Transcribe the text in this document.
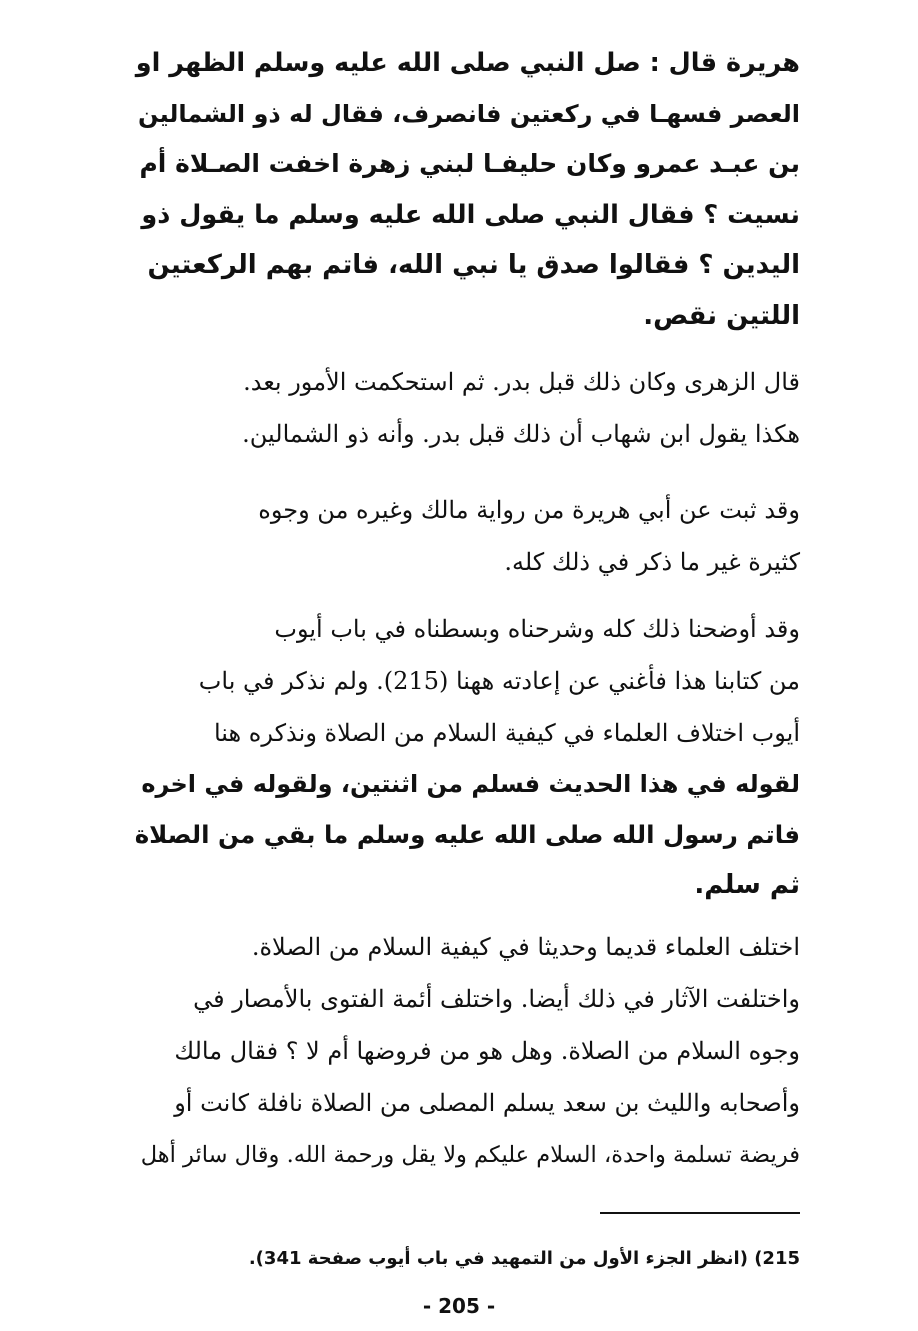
هريرة قال : صل النبي صلى الله عليه وسلم الظهر او
العصر فسهـا في ركعتين فانصرف، فقال له ذو الشمالين
بن عبـد عمرو وكان حليفـا لبني زهرة اخفت الصـلاة أم
نسيت ؟ فقال النبي صلى الله عليه وسلم ما يقول ذو
اليدين ؟ فقالوا صدق يا نبي الله، فاتم بهم الركعتين
اللتين نقص.
قال الزهرى وكان ذلك قبل بدر. ثم استحكمت الأمور بعد.
هكذا يقول ابن شهاب أن ذلك قبل بدر. وأنه ذو الشمالين.
وقد ثبت عن أبي هريرة من رواية مالك وغيره من وجوه
كثيرة غير ما ذكر في ذلك كله.
وقد أوضحنا ذلك كله وشرحناه وبسطناه في باب أيوب
من كتابنا هذا فأغني عن إعادته ههنا (215). ولم نذكر في باب
أيوب اختلاف العلماء في كيفية السلام من الصلاة ونذكره هنا
لقوله في هذا الحديث فسلم من اثنتين، ولقوله في اخره
فاتم رسول الله صلى الله عليه وسلم ما بقي من الصلاة
ثم سلم.
اختلف العلماء قديما وحديثا في كيفية السلام من الصلاة.
واختلفت الآثار في ذلك أيضا. واختلف أئمة الفتوى بالأمصار في
وجوه السلام من الصلاة. وهل هو من فروضها أم لا ؟ فقال مالك
وأصحابه والليث بن سعد يسلم المصلى من الصلاة نافلة كانت أو
فريضة تسلمة واحدة، السلام عليكم ولا يقل ورحمة الله. وقال سائر أهل
215) (انظر الجزء الأول من التمهيد في باب أيوب صفحة 341).
- 205 -
